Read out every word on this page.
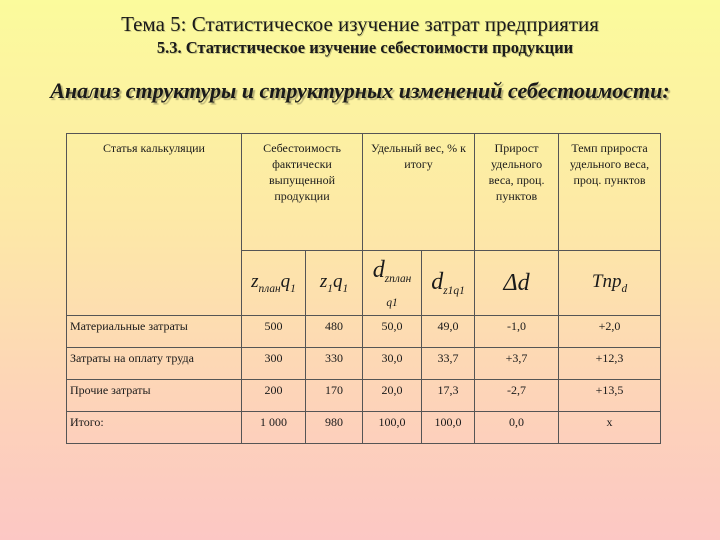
Тема 5: Статистическое изучение затрат предприятия
5.3. Статистическое изучение себестоимости продукции
Анализ структуры и структурных изменений себестоимости:
Статья калькуляции	Себестоимость фактически выпущенной продукции		Удельный вес, % к итогу		Прирост удельного веса, проц. пунктов	Темп прироста удельного веса, проц. пунктов
	$z_{план}q_1$	$z_1q_1$	$d_{zплан q1}$	$d_{z1q1}$	Δd	Tпр$_d$
Материальные затраты	500	480	50,0	49,0	-1,0	+2,0
Затраты на оплату труда	300	330	30,0	33,7	+3,7	+12,3
Прочие затраты	200	170	20,0	17,3	-2,7	+13,5
Итого:	1 000	980	100,0	100,0	0,0	х
